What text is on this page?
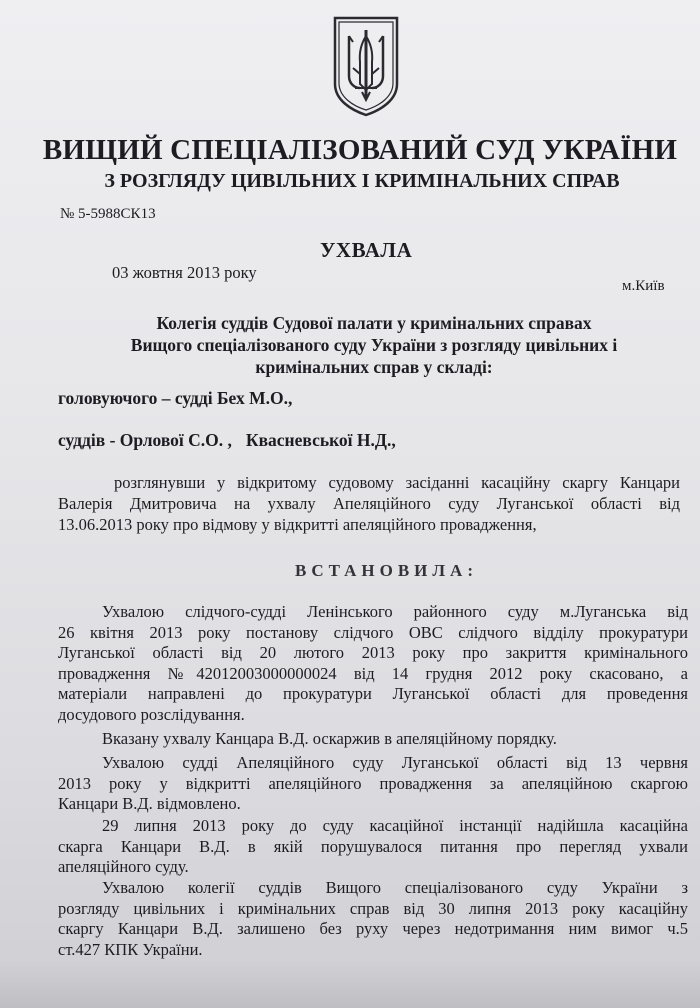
ВИЩИЙ СПЕЦІАЛІЗОВАНИЙ СУД УКРАЇНИ
З РОЗГЛЯДУ ЦИВІЛЬНИХ І КРИМІНАЛЬНИХ СПРАВ
№ 5-5988СК13
УХВАЛА
03 жовтня 2013 року
м.Київ

Колегія суддів Судової палати у кримінальних справах
Вищого спеціалізованого суду України з розгляду цивільних і
кримінальних справ у складі:

головуючого – судді Бех М.О.,
суддів - Орлової С.О. , Квасневської Н.Д.,

розглянувши у відкритому судовому засіданні касаційну скаргу Канцари
Валерія Дмитровича на ухвалу Апеляційного суду Луганської області від
13.06.2013 року про відмову у відкритті апеляційного провадження,

ВСТАНОВИЛА:

Ухвалою слідчого-судді Ленінського районного суду м.Луганська від
26 квітня 2013 року постанову слідчого ОВС слідчого відділу прокуратури
Луганської області від 20 лютого 2013 року про закриття кримінального
провадження №42012003000000024 від 14 грудня 2012 року скасовано, а
матеріали направлені до прокуратури Луганської області для проведення
досудового розслідування.

Вказану ухвалу Канцара В.Д. оскаржив в апеляційному порядку.

Ухвалою судді Апеляційного суду Луганської області від 13 червня
2013 року у відкритті апеляційного провадження за апеляційною скаргою
Канцари В.Д. відмовлено.

29 липня 2013 року до суду касаційної інстанції надійшла касаційна
скарга Канцари В.Д. в якій порушувалося питання про перегляд ухвали
апеляційного суду.

Ухвалою колегії суддів Вищого спеціалізованого суду України з
розгляду цивільних і кримінальних справ від 30 липня 2013 року касаційну
скаргу Канцари В.Д. залишено без руху через недотримання ним вимог ч.5
ст.427 КПК України.
